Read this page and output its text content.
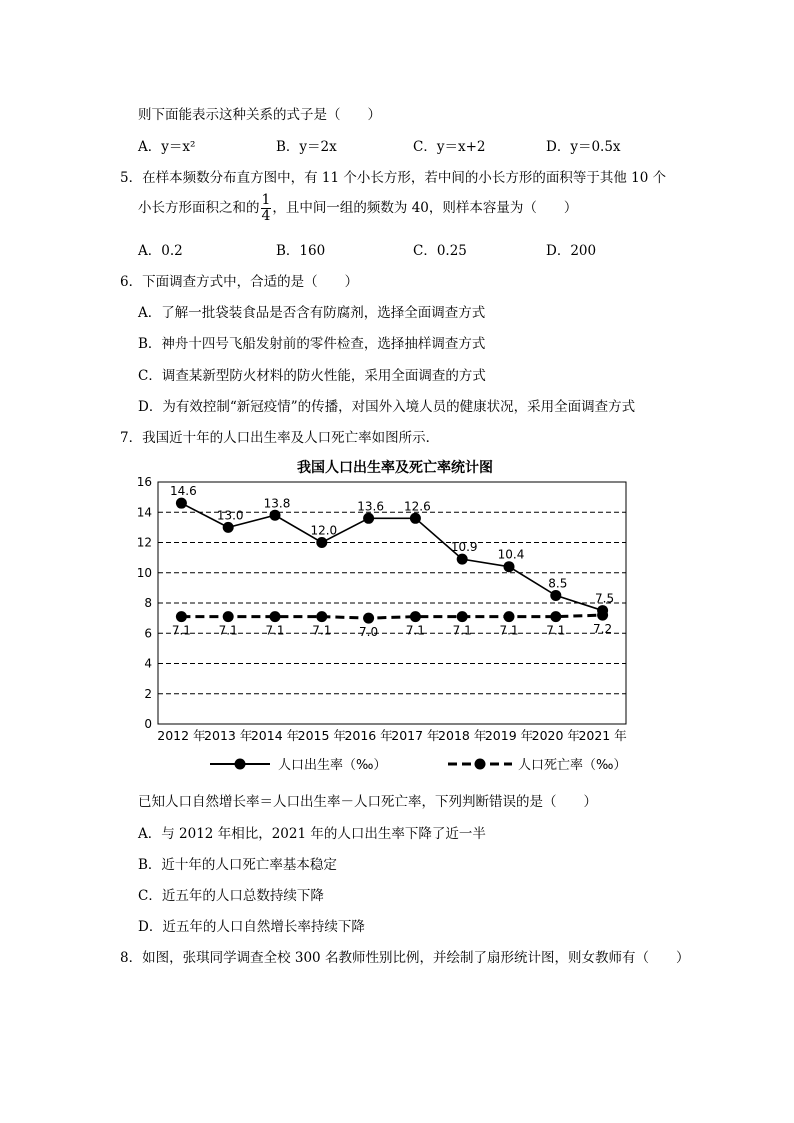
则下面能表示这种关系的式子是（　　）
A．y＝x²	B．y＝2x	C．y＝x+2	D．y＝0.5x
5．在样本频数分布直方图中，有 11 个小长方形，若中间的小长方形的面积等于其他 10 个
小长方形面积之和的 $\frac{1}{4}$ ，且中间一组的频数为 40，则样本容量为（　　）
A．0.2	B．160	C．0.25	D．200
6．下面调查方式中，合适的是（　　）
A．了解一批袋装食品是否含有防腐剂，选择全面调查方式
B．神舟十四号飞船发射前的零件检查，选择抽样调查方式
C．调查某新型防火材料的防火性能，采用全面调查的方式
D．为有效控制“新冠疫情”的传播，对国外入境人员的健康状况，采用全面调查方式
7．我国近十年的人口出生率及人口死亡率如图所示．
我国人口出生率及死亡率统计图
0
2
4
6
8
10
12
14
16
2012 年
2013 年
2014 年
2015 年
2016 年
2017 年
2018 年
2019 年
2020 年
2021 年
14.6
13.0
13.8
12.0
13.6 12.6
10.9
10.4
8.5
7.5
7.1 7.1 7.1 7.1 7.0 7.1 7.1 7.1 7.1 7.2
人口出生率（‰）	人口死亡率（‰）
已知人口自然增长率＝人口出生率－人口死亡率，下列判断错误的是（　　）
A．与 2012 年相比，2021 年的人口出生率下降了近一半
B．近十年的人口死亡率基本稳定
C．近五年的人口总数持续下降
D．近五年的人口自然增长率持续下降
8．如图，张琪同学调查全校 300 名教师性别比例，并绘制了扇形统计图，则女教师有（　　）
